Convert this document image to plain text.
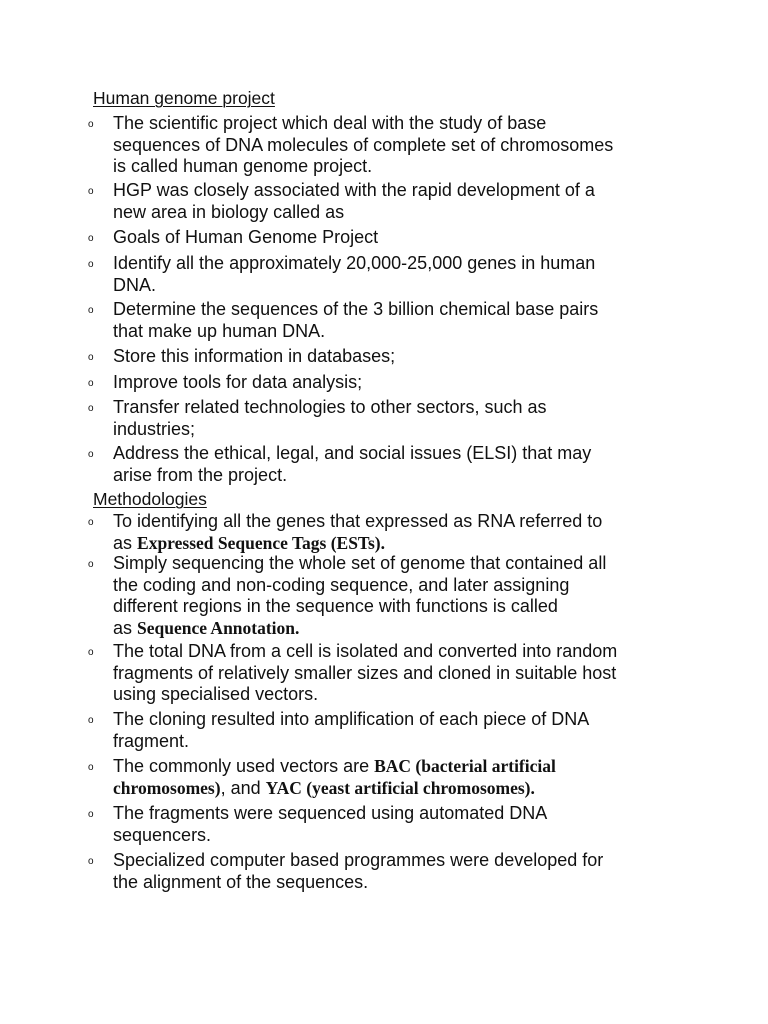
Human genome project
o The scientific project which deal with the study of base
sequences of DNA molecules of complete set of chromosomes
is called human genome project.
o HGP was closely associated with the rapid development of a
new area in biology called as
o Goals of Human Genome Project
o Identify all the approximately 20,000-25,000 genes in human
DNA.
o Determine the sequences of the 3 billion chemical base pairs
that make up human DNA.
o Store this information in databases;
o Improve tools for data analysis;
o Transfer related technologies to other sectors, such as
industries;
o Address the ethical, legal, and social issues (ELSI) that may
arise from the project.
Methodologies
o To identifying all the genes that expressed as RNA referred to
as Expressed Sequence Tags (ESTs).
o Simply sequencing the whole set of genome that contained all
the coding and non-coding sequence, and later assigning
different regions in the sequence with functions is called
as Sequence Annotation.
o The total DNA from a cell is isolated and converted into random
fragments of relatively smaller sizes and cloned in suitable host
using specialised vectors.
o The cloning resulted into amplification of each piece of DNA
fragment.
o The commonly used vectors are BAC (bacterial artificial
chromosomes), and YAC (yeast artificial chromosomes).
o The fragments were sequenced using automated DNA
sequencers.
o Specialized computer based programmes were developed for
the alignment of the sequences.
